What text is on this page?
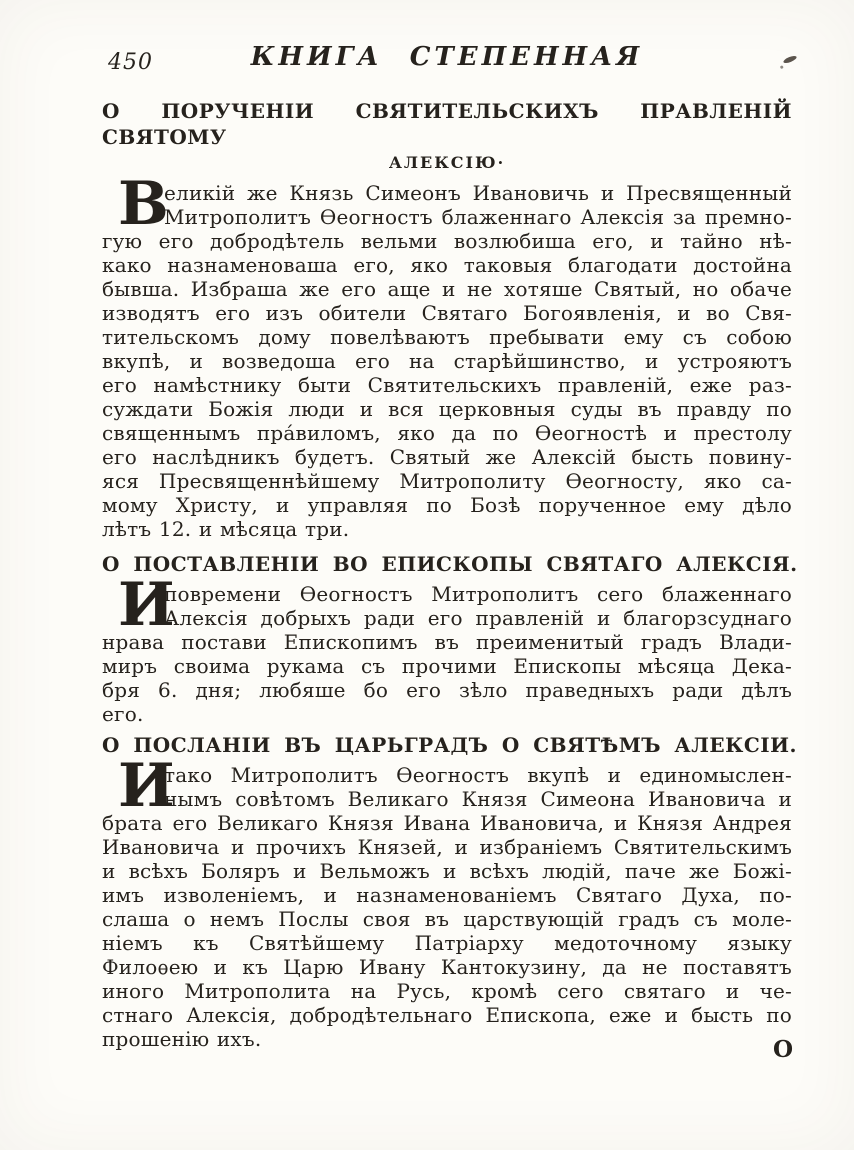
450	КНИГА СТЕПЕННАЯ
О ПОРУЧЕНІИ СВЯТИТЕЛЬСКИХЪ ПРАВЛЕНІЙ СВЯТОМУ
АЛЕКСІЮ·
В
еликій же Князь Симеонъ Ивановичь и Пресвященный
Митрополитъ Ѳеогностъ блаженнаго Алексія за премно-
гую его добродѣтель вельми возлюбиша его, и тайно нѣ-
како назнаменоваша его, яко таковыя благодати достойна
бывша. Избраша же его аще и не хотяше Святый, но обаче
изводятъ его изъ обители Святаго Богоявленія, и во Свя-
тительскомъ дому повелѣваютъ пребывати ему съ собою
вкупѣ, и возведоша его на старѣйшинство, и устрояютъ
его намѣстнику быти Святительскихъ правленій, еже раз-
суждати Божія люди и вся церковныя суды въ правду по
священнымъ пра́виломъ, яко да по Ѳеогностѣ и престолу
его наслѣдникъ будетъ. Святый же Алексій бысть повину-
яся Пресвященнѣйшему Митрополиту Ѳеогносту, яко са-
мому Христу, и управляя по Бозѣ порученное ему дѣло
лѣтъ 12. и мѣсяца три.
О ПОСТАВЛЕНІИ ВО ЕПИСКОПЫ СВЯТАГО АЛЕКСІЯ.
И
повремени Ѳеогностъ Митрополитъ сего блаженнаго
Алексія добрыхъ ради его правленій и благорзсуднаго
нрава постави Епископимъ въ преименитый градъ Влади-
миръ своима рукама съ прочими Епископы мѣсяца Дека-
бря 6. дня; любяше бо его зѣло праведныхъ ради дѣлъ
его.
О ПОСЛАНІИ ВЪ ЦАРЬГРАДЪ О СВЯТѢМЪ АЛЕКСІИ.
И
тако Митрополитъ Ѳеогностъ вкупѣ и единомыслен-
нымъ совѣтомъ Великаго Князя Симеона Ивановича и
брата его Великаго Князя Ивана Ивановича, и Князя Андрея
Ивановича и прочихъ Князей, и избраніемъ Святительскимъ
и всѣхъ Боляръ и Вельможъ и всѣхъ людій, паче же Божі-
имъ изволеніемъ, и назнаменованіемъ Святаго Духа, по-
слаша о немъ Послы своя въ царствующій градъ съ моле-
ніемъ къ Святѣйшему Патріарху медоточному языку
Филоѳею и къ Царю Ивану Кантокузину, да не поставятъ
иного Митрополита на Русь, кромѣ сего святаго и че-
стнаго Алексія, добродѣтельнаго Епископа, еже и бысть по
прошенію ихъ.	О
